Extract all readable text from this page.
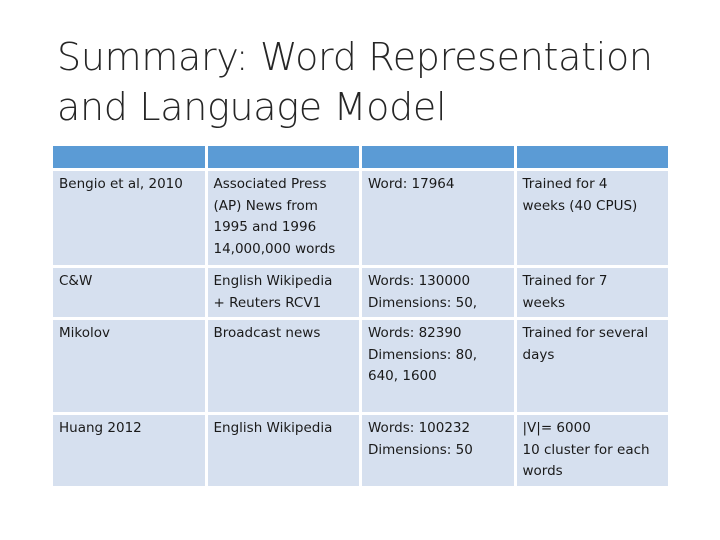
Summary: Word Representation
and Language Model

Bengio et al, 2010	Associated Press
(AP) News from
1995 and 1996
14,000,000 words	Word: 17964	Trained for 4
weeks (40 CPUS)

C&W	English Wikipedia
+ Reuters RCV1	Words: 130000
Dimensions: 50,	Trained for 7
weeks

Mikolov	Broadcast news	Words: 82390
Dimensions: 80,
640, 1600	Trained for several
days

Huang 2012	English Wikipedia	Words: 100232
Dimensions: 50	|V|= 6000
10 cluster for each
words
